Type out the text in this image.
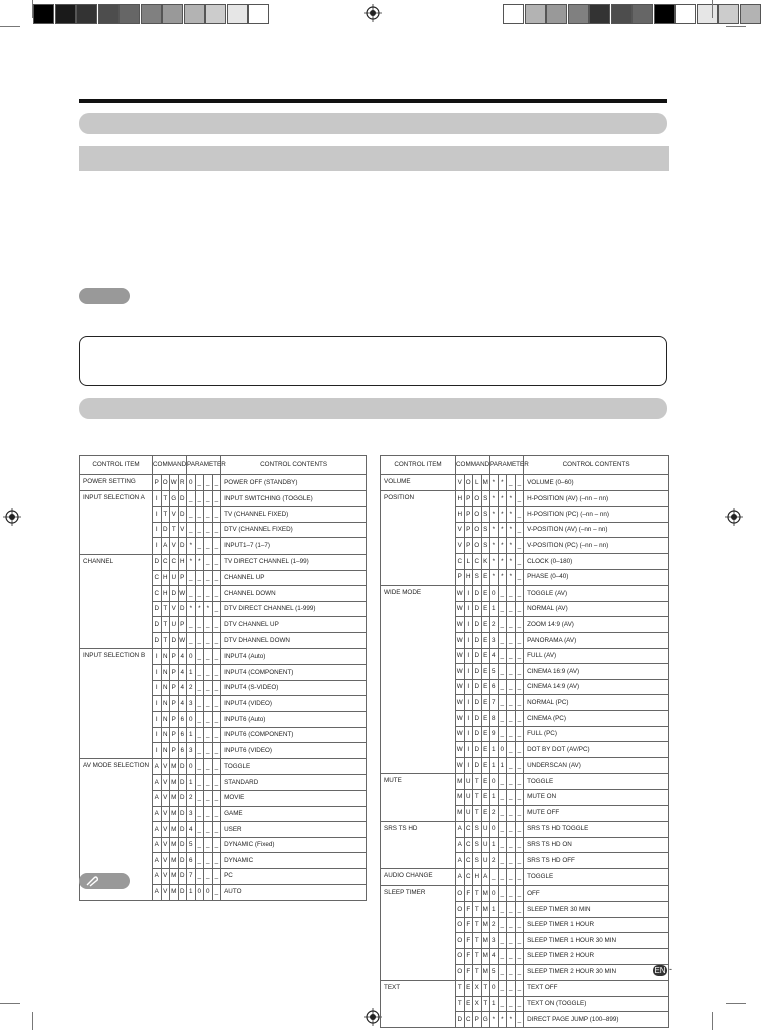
CONTROL ITEM	COMMAND				PARAMETER				CONTROL CONTENTS
POWER SETTING	P	O	W	R	0	_	_	_	POWER OFF (STANDBY)
INPUT SELECTION A	I	T	G	D	_	_	_	_	INPUT SWITCHING (TOGGLE)
	I	T	V	D	_	_	_	_	TV (CHANNEL FIXED)
	I	D	T	V	_	_	_	_	DTV (CHANNEL FIXED)
	I	A	V	D	*	_	_	_	INPUT1–7 (1–7)
CHANNEL	D	C	C	H	*	*	_	_	TV DIRECT CHANNEL (1–99)
	C	H	U	P	_	_	_	_	CHANNEL UP
	C	H	D	W	_	_	_	_	CHANNEL DOWN
	D	T	V	D	*	*	*	_	DTV DIRECT CHANNEL (1-999)
	D	T	U	P	_	_	_	_	DTV CHANNEL UP
	D	T	D	W	_	_	_	_	DTV DHANNEL DOWN
INPUT SELECTION B	I	N	P	4	0	_	_	_	INPUT4 (Auto)
	I	N	P	4	1	_	_	_	INPUT4 (COMPONENT)
	I	N	P	4	2	_	_	_	INPUT4 (S-VIDEO)
	I	N	P	4	3	_	_	_	INPUT4 (VIDEO)
	I	N	P	6	0	_	_	_	INPUT6 (Auto)
	I	N	P	6	1	_	_	_	INPUT6 (COMPONENT)
	I	N	P	6	3	_	_	_	INPUT6 (VIDEO)
AV MODE SELECTION	A	V	M	D	0	_	_	_	TOGGLE
	A	V	M	D	1	_	_	_	STANDARD
	A	V	M	D	2	_	_	_	MOVIE
	A	V	M	D	3	_	_	_	GAME
	A	V	M	D	4	_	_	_	USER
	A	V	M	D	5	_	_	_	DYNAMIC (Fixed)
	A	V	M	D	6	_	_	_	DYNAMIC
	A	V	M	D	7	_	_	_	PC
	A	V	M	D	1	0	0	_	AUTO
CONTROL ITEM	COMMAND				PARAMETER				CONTROL CONTENTS
VOLUME	V	O	L	M	*	*	_	_	VOLUME (0–60)
POSITION	H	P	O	S	*	*	*	_	H-POSITION (AV) (–nn – nn)
	H	P	O	S	*	*	*	_	H-POSITION (PC) (–nn – nn)
	V	P	O	S	*	*	*	_	V-POSITION (AV) (–nn – nn)
	V	P	O	S	*	*	*	_	V-POSITION (PC) (–nn – nn)
	C	L	C	K	*	*	*	_	CLOCK (0–180)
	P	H	S	E	*	*	*	_	PHASE (0–40)
WIDE MODE	W	I	D	E	0	_	_	_	TOGGLE (AV)
	W	I	D	E	1	_	_	_	NORMAL (AV)
	W	I	D	E	2	_	_	_	ZOOM 14:9 (AV)
	W	I	D	E	3	_	_	_	PANORAMA (AV)
	W	I	D	E	4	_	_	_	FULL (AV)
	W	I	D	E	5	_	_	_	CINEMA 16:9 (AV)
	W	I	D	E	6	_	_	_	CINEMA 14:9 (AV)
	W	I	D	E	7	_	_	_	NORMAL (PC)
	W	I	D	E	8	_	_	_	CINEMA (PC)
	W	I	D	E	9	_	_	_	FULL (PC)
	W	I	D	E	1	0	_	_	DOT BY DOT (AV/PC)
	W	I	D	E	1	1	_	_	UNDERSCAN (AV)
MUTE	M	U	T	E	0	_	_	_	TOGGLE
	M	U	T	E	1	_	_	_	MUTE ON
	M	U	T	E	2	_	_	_	MUTE OFF
SRS TS HD	A	C	S	U	0	_	_	_	SRS TS HD TOGGLE
	A	C	S	U	1	_	_	_	SRS TS HD ON
	A	C	S	U	2	_	_	_	SRS TS HD OFF
AUDIO CHANGE	A	C	H	A	_	_	_	_	TOGGLE
SLEEP TIMER	O	F	T	M	0	_	_	_	OFF
	O	F	T	M	1	_	_	_	SLEEP TIMER 30 MIN
	O	F	T	M	2	_	_	_	SLEEP TIMER 1 HOUR
	O	F	T	M	3	_	_	_	SLEEP TIMER 1 HOUR 30 MIN
	O	F	T	M	4	_	_	_	SLEEP TIMER 2 HOUR
	O	F	T	M	5	_	_	_	SLEEP TIMER 2 HOUR 30 MIN
TEXT	T	E	X	T	0	_	_	_	TEXT OFF
	T	E	X	T	1	_	_	_	TEXT ON (TOGGLE)
	D	C	P	G	*	*	*	_	DIRECT PAGE JUMP (100–899)
EN -
